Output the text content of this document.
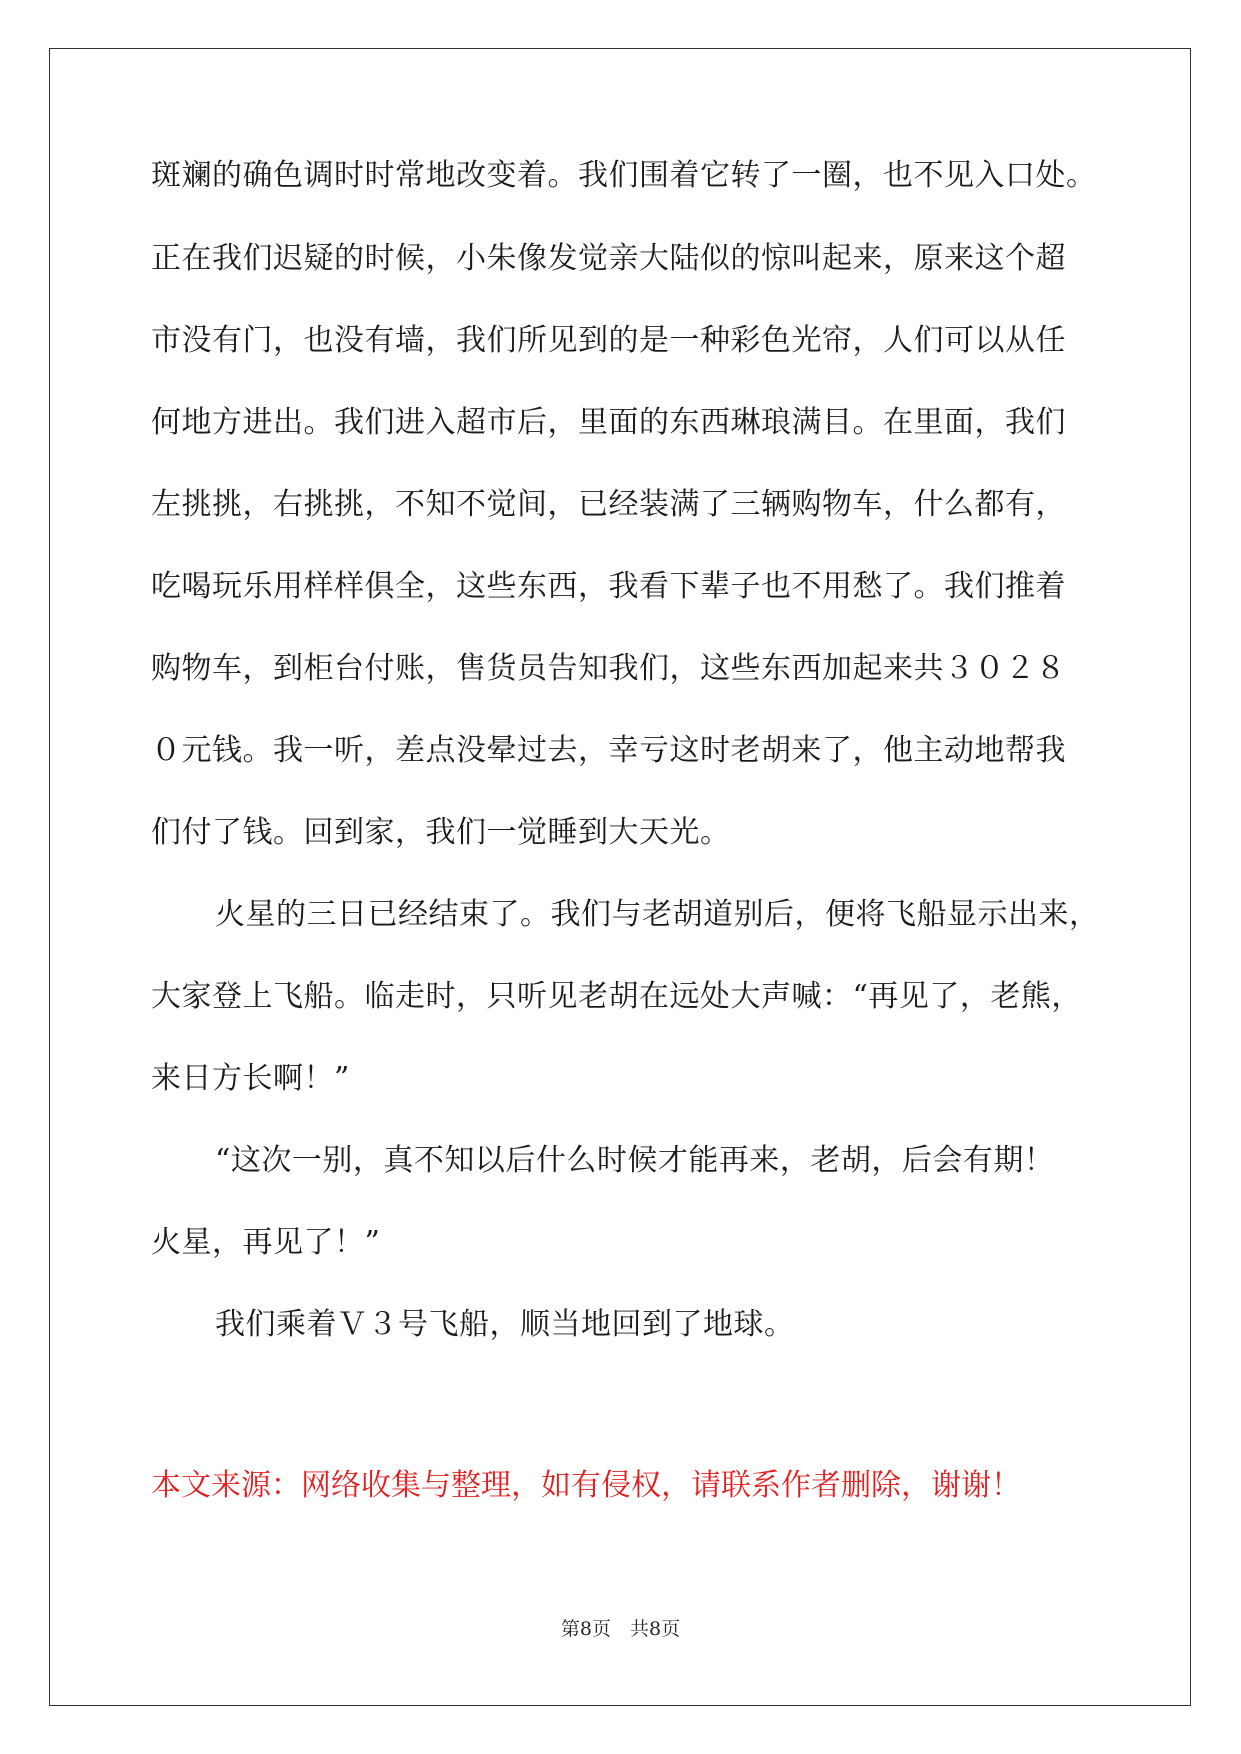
斑斓的确色调时时常地改变着。我们围着它转了一圈，也不见入口处。
正在我们迟疑的时候，小朱像发觉亲大陆似的惊叫起来，原来这个超
市没有门，也没有墙，我们所见到的是一种彩色光帘，人们可以从任
何地方进出。我们进入超市后，里面的东西琳琅满目。在里面，我们
左挑挑，右挑挑，不知不觉间，已经装满了三辆购物车，什么都有，
吃喝玩乐用样样俱全，这些东西，我看下辈子也不用愁了。我们推着
购物车，到柜台付账，售货员告知我们，这些东西加起来共３０２８
０元钱。我一听，差点没晕过去，幸亏这时老胡来了，他主动地帮我
们付了钱。回到家，我们一觉睡到大天光。
火星的三日已经结束了。我们与老胡道别后，便将飞船显示出来，
大家登上飞船。临走时，只听见老胡在远处大声喊：“再见了，老熊，
来日方长啊！”
“这次一别，真不知以后什么时候才能再来，老胡，后会有期！
火星，再见了！”
我们乘着Ｖ３号飞船，顺当地回到了地球。
本文来源：网络收集与整理，如有侵权，请联系作者删除，谢谢！
第8页　共8页
